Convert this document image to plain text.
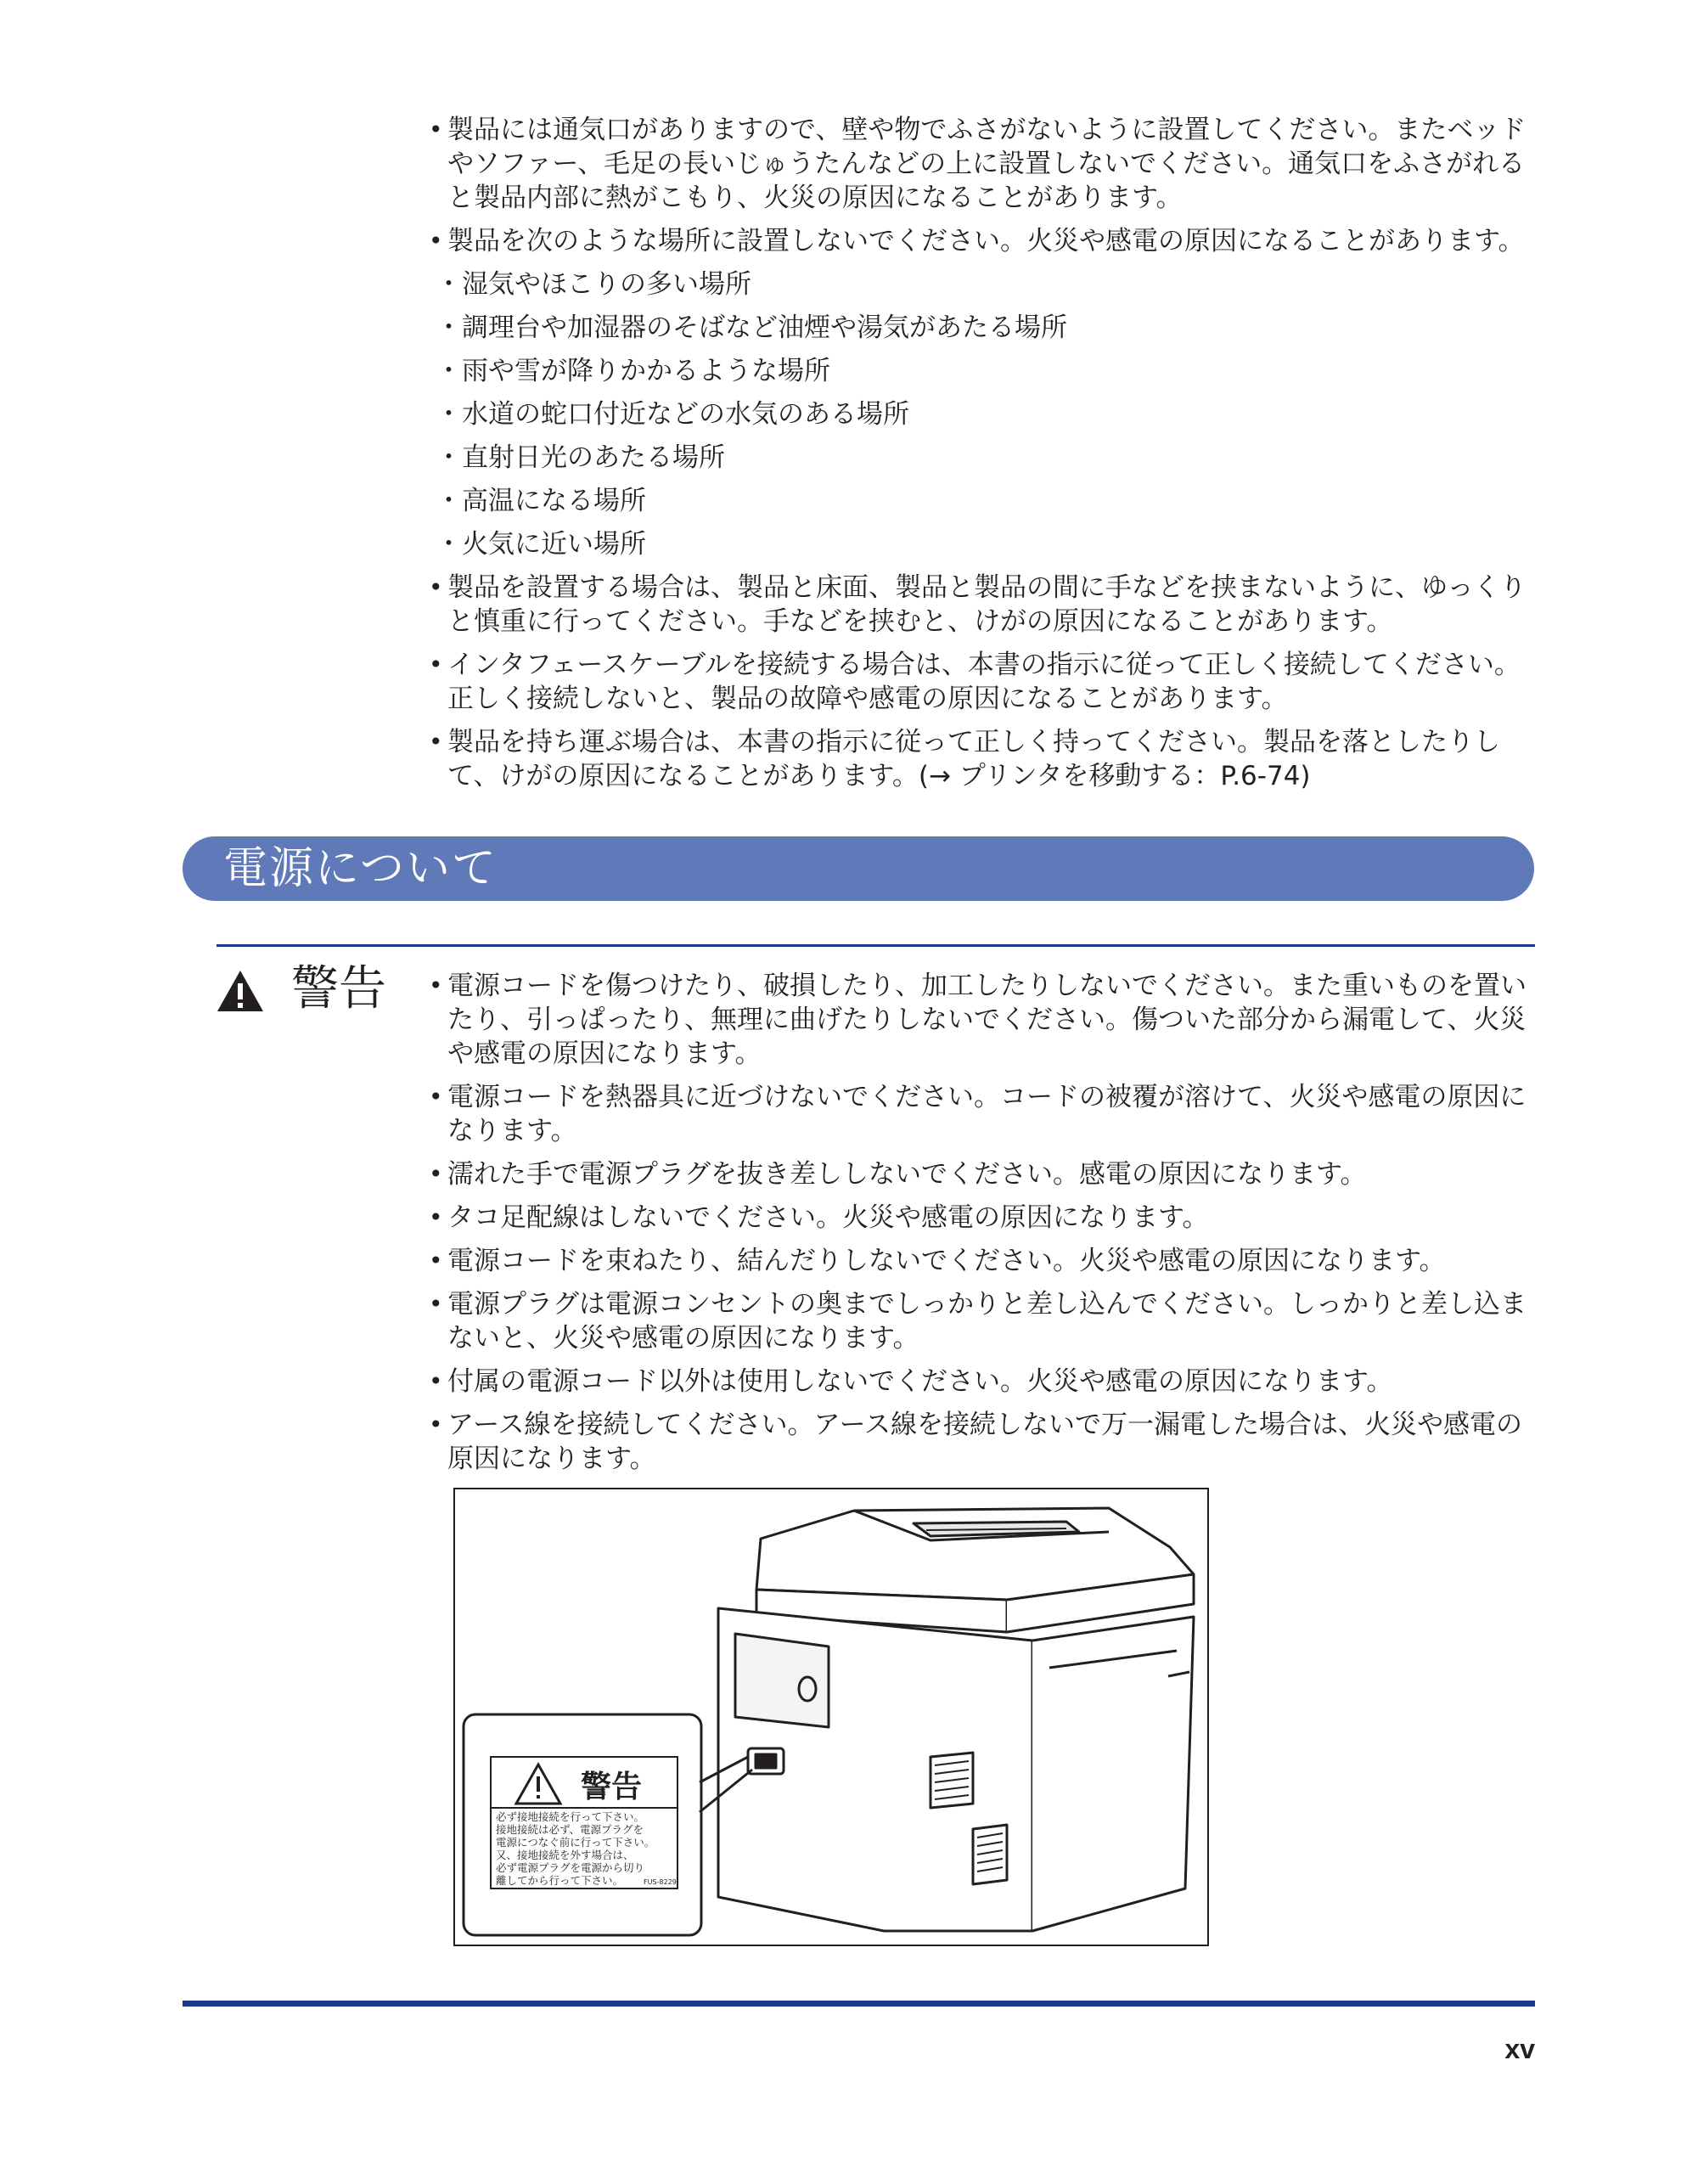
• 製品には通気口がありますので、壁や物でふさがないように設置してください。またベッドやソファー、毛足の長いじゅうたんなどの上に設置しないでください。通気口をふさがれると製品内部に熱がこもり、火災の原因になることがあります。
• 製品を次のような場所に設置しないでください。火災や感電の原因になることがあります。
・湿気やほこりの多い場所
・調理台や加湿器のそばなど油煙や湯気があたる場所
・雨や雪が降りかかるような場所
・水道の蛇口付近などの水気のある場所
・直射日光のあたる場所
・高温になる場所
・火気に近い場所
• 製品を設置する場合は、製品と床面、製品と製品の間に手などを挟まないように、ゆっくりと慎重に行ってください。手などを挟むと、けがの原因になることがあります。
• インタフェースケーブルを接続する場合は、本書の指示に従って正しく接続してください。正しく接続しないと、製品の故障や感電の原因になることがあります。
• 製品を持ち運ぶ場合は、本書の指示に従って正しく持ってください。製品を落としたりして、けがの原因になることがあります。(→ プリンタを移動する：P.6-74)
電源について
警告
•	電源コードを傷つけたり、破損したり、加工したりしないでください。また重いものを置いたり、引っぱったり、無理に曲げたりしないでください。傷ついた部分から漏電して、火災や感電の原因になります。
• 電源コードを熱器具に近づけないでください。コードの被覆が溶けて、火災や感電の原因になります。
• 濡れた手で電源プラグを抜き差ししないでください。感電の原因になります。
• タコ足配線はしないでください。火災や感電の原因になります。
• 電源コードを束ねたり、結んだりしないでください。火災や感電の原因になります。
• 電源プラグは電源コンセントの奥までしっかりと差し込んでください。しっかりと差し込まないと、火災や感電の原因になります。
• 付属の電源コード以外は使用しないでください。火災や感電の原因になります。
• アース線を接続してください。アース線を接続しないで万一漏電した場合は、火災や感電の原因になります。
警告
必ず接地接続を行って下さい。
接地接続は必ず、電源プラグを
電源につなぐ前に行って下さい。
又、接地接続を外す場合は、
必ず電源プラグを電源から切り
離してから行って下さい。	FUS-8229
xv
